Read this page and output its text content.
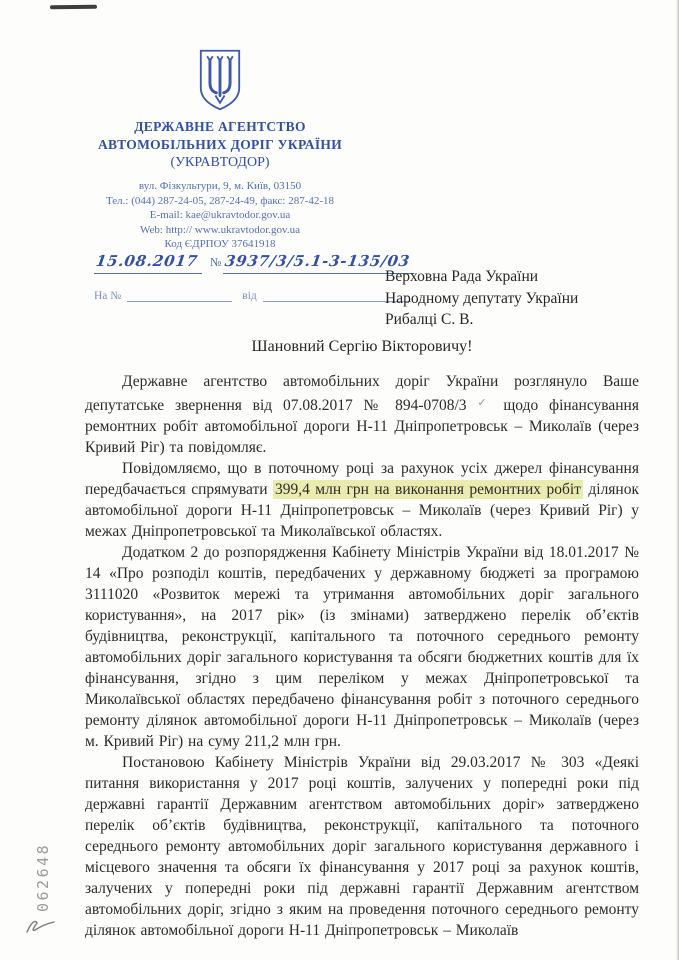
ДЕРЖАВНЕ АГЕНТСТВО
АВТОМОБІЛЬНИХ ДОРІГ УКРАЇНИ
(УКРАВТОДОР)
вул. Фізкультури, 9, м. Київ, 03150
Тел.: (044) 287-24-05, 287-24-49, факс: 287-42-18
E-mail: kae@ukravtodor.gov.ua
Web: http:// www.ukravtodor.gov.ua
Код ЄДРПОУ 37641918
15.08.2017 № 3937/3/5.1-3-135/03
На №	від
Верховна Рада України
Народному депутату України
Рибалці С. В.
Шановний Сергію Вікторовичу!

Державне агентство автомобільних доріг України розглянуло Ваше депутатське звернення від 07.08.2017 № 894-0708/3 ✓ щодо фінансування ремонтних робіт автомобільної дороги Н-11 Дніпропетровськ – Миколаїв (через Кривий Ріг) та повідомляє.

Повідомляємо, що в поточному році за рахунок усіх джерел фінансування передбачається спрямувати 399,4 млн грн на виконання ремонтних робіт ділянок автомобільної дороги Н-11 Дніпропетровськ – Миколаїв (через Кривий Ріг) у межах Дніпропетровської та Миколаївської областях.

Додатком 2 до розпорядження Кабінету Міністрів України від 18.01.2017 № 14 «Про розподіл коштів, передбачених у державному бюджеті за програмою 3111020 «Розвиток мережі та утримання автомобільних доріг загального користування», на 2017 рік» (із змінами) затверджено перелік об’єктів будівництва, реконструкції, капітального та поточного середнього ремонту автомобільних доріг загального користування та обсяги бюджетних коштів для їх фінансування, згідно з цим переліком у межах Дніпропетровської та Миколаївської областях передбачено фінансування робіт з поточного середнього ремонту ділянок автомобільної дороги Н-11 Дніпропетровськ – Миколаїв (через м. Кривий Ріг) на суму 211,2 млн грн.

Постановою Кабінету Міністрів України від 29.03.2017 № 303 «Деякі питання використання у 2017 році коштів, залучених у попередні роки під державні гарантії Державним агентством автомобільних доріг» затверджено перелік об’єктів будівництва, реконструкції, капітального та поточного середнього ремонту автомобільних доріг загального користування державного і місцевого значення та обсяги їх фінансування у 2017 році за рахунок коштів, залучених у попередні роки під державні гарантії Державним агентством автомобільних доріг, згідно з яким на проведення поточного середнього ремонту ділянок автомобільної дороги Н-11 Дніпропетровськ – Миколаїв

062648
